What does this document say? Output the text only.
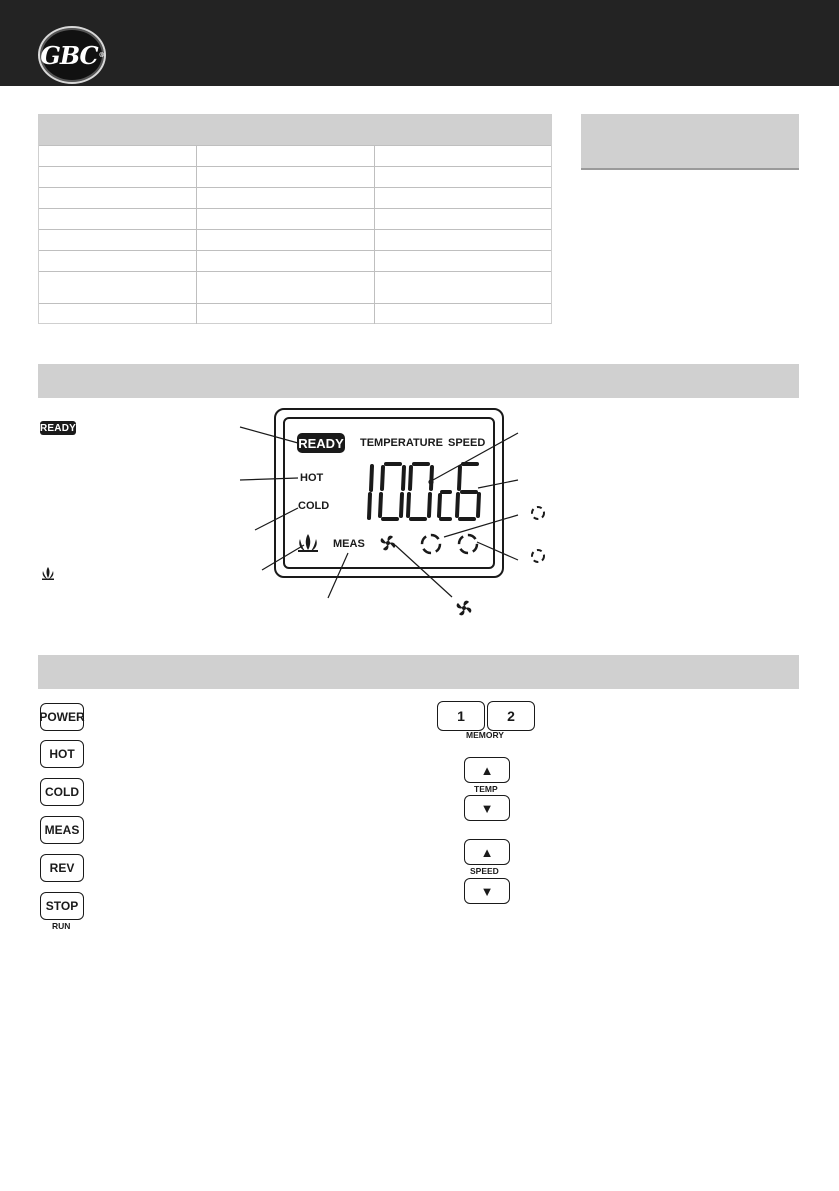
GBC ®
READY
READY TEMPERATURE SPEED
HOT
COLD
MEAS
POWER
HOT
COLD
MEAS
REV
STOP
RUN
1	2
MEMORY
▲
TEMP
▼
▲
SPEED
▼
